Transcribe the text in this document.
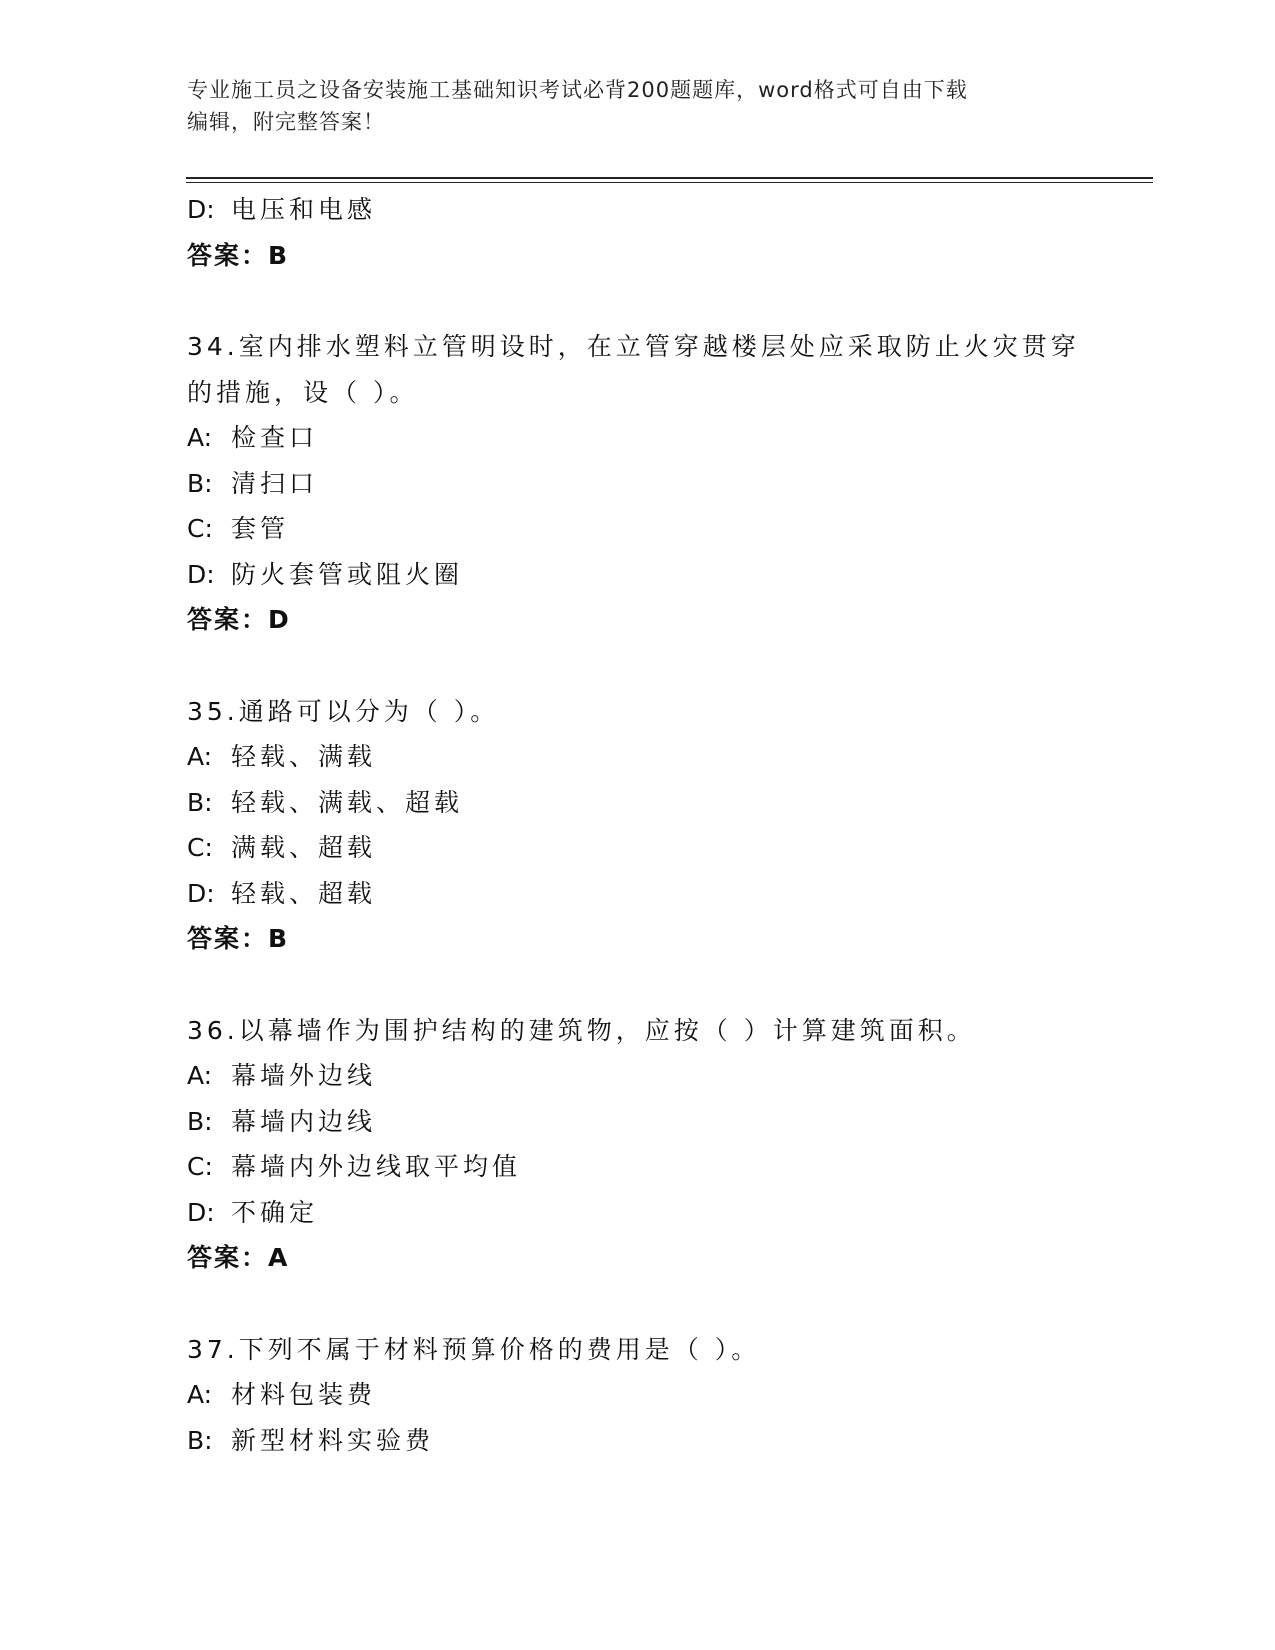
专业施工员之设备安装施工基础知识考试必背200题题库，word格式可自由下载
编辑，附完整答案！
D: 电压和电感
答案：B
34.室内排水塑料立管明设时，在立管穿越楼层处应采取防止火灾贯穿
的措施，设（ ）。
A: 检查口
B: 清扫口
C: 套管
D: 防火套管或阻火圈
答案：D
35.通路可以分为（ ）。
A: 轻载、满载
B: 轻载、满载、超载
C: 满载、超载
D: 轻载、超载
答案：B
36.以幕墙作为围护结构的建筑物，应按（ ）计算建筑面积。
A: 幕墙外边线
B: 幕墙内边线
C: 幕墙内外边线取平均值
D: 不确定
答案：A
37.下列不属于材料预算价格的费用是（ ）。
A: 材料包装费
B: 新型材料实验费
